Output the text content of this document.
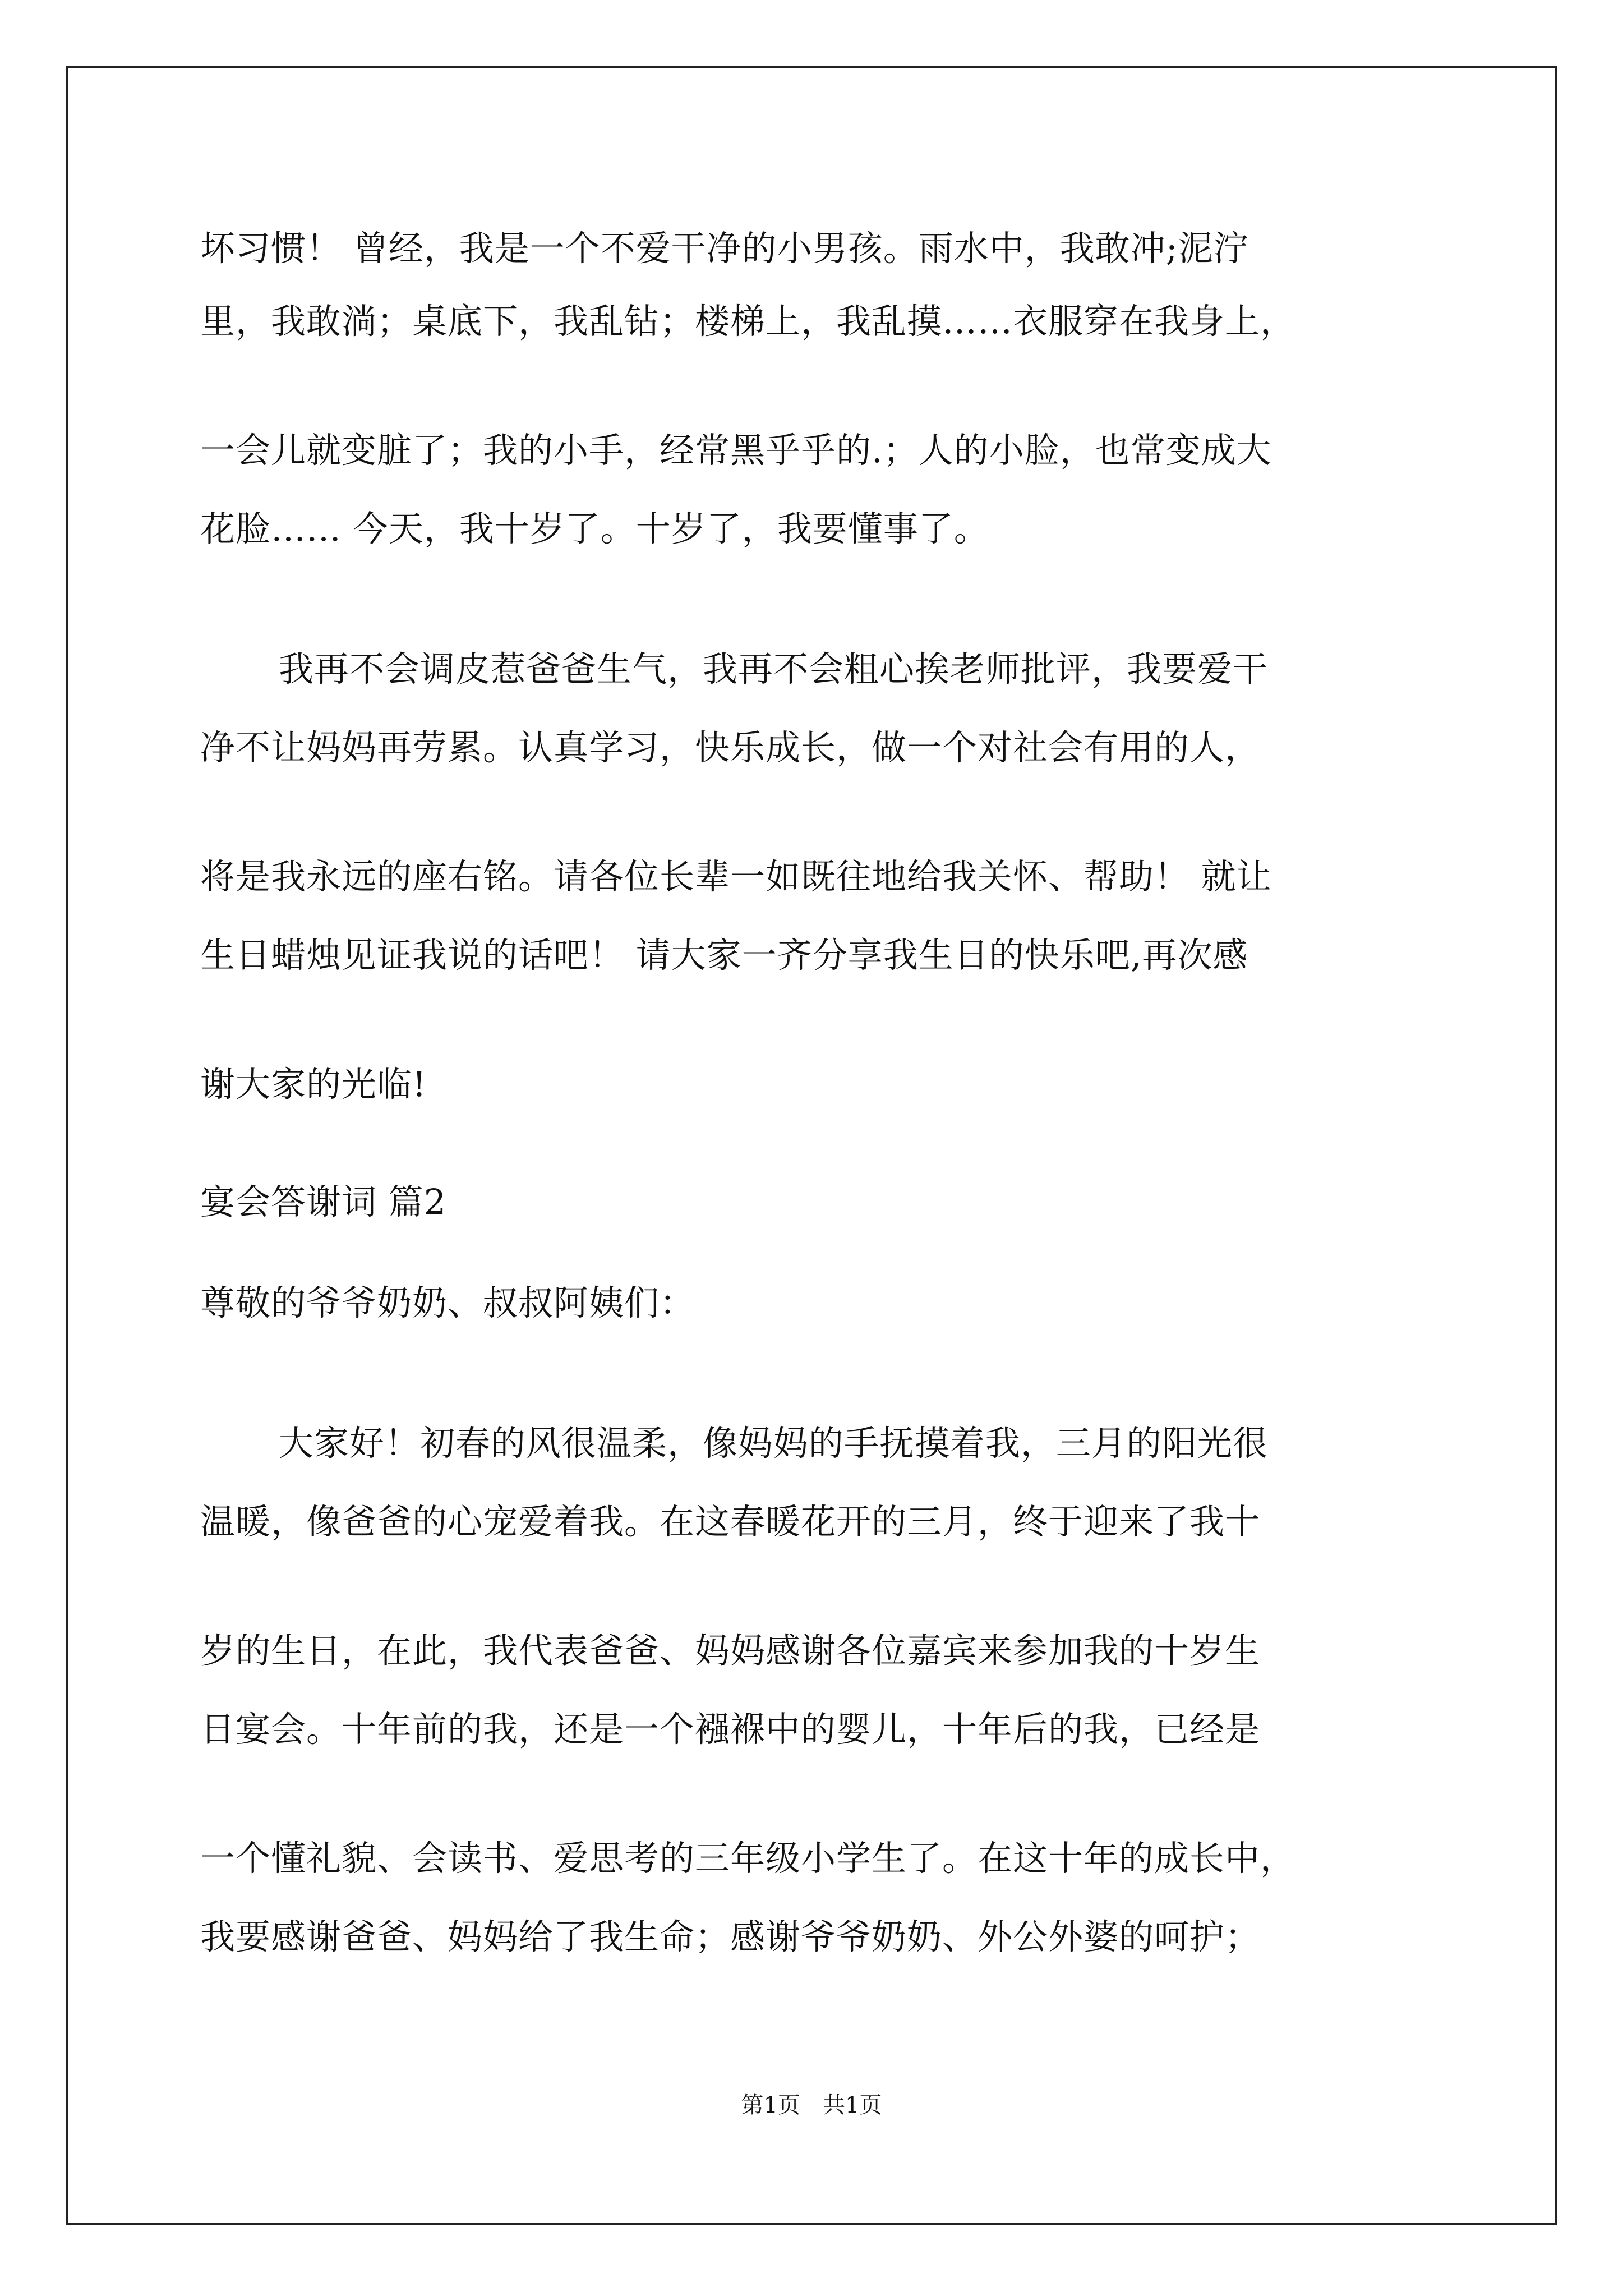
坏习惯！ 曾经，我是一个不爱干净的小男孩。雨水中，我敢冲;泥泞
里，我敢淌；桌底下，我乱钻；楼梯上，我乱摸……衣服穿在我身上，
一会儿就变脏了；我的小手，经常黑乎乎的.；人的小脸，也常变成大
花脸…… 今天，我十岁了。十岁了，我要懂事了。
我再不会调皮惹爸爸生气，我再不会粗心挨老师批评，我要爱干
净不让妈妈再劳累。认真学习，快乐成长，做一个对社会有用的人，
将是我永远的座右铭。请各位长辈一如既往地给我关怀、帮助！ 就让
生日蜡烛见证我说的话吧！ 请大家一齐分享我生日的快乐吧,再次感
谢大家的光临!
宴会答谢词 篇2
尊敬的爷爷奶奶、叔叔阿姨们：
大家好！初春的风很温柔，像妈妈的手抚摸着我，三月的阳光很
温暖，像爸爸的心宠爱着我。在这春暖花开的三月，终于迎来了我十
岁的生日，在此，我代表爸爸、妈妈感谢各位嘉宾来参加我的十岁生
日宴会。十年前的我，还是一个襁褓中的婴儿，十年后的我，已经是
一个懂礼貌、会读书、爱思考的三年级小学生了。在这十年的成长中，
我要感谢爸爸、妈妈给了我生命；感谢爷爷奶奶、外公外婆的呵护；
第1页 共1页
